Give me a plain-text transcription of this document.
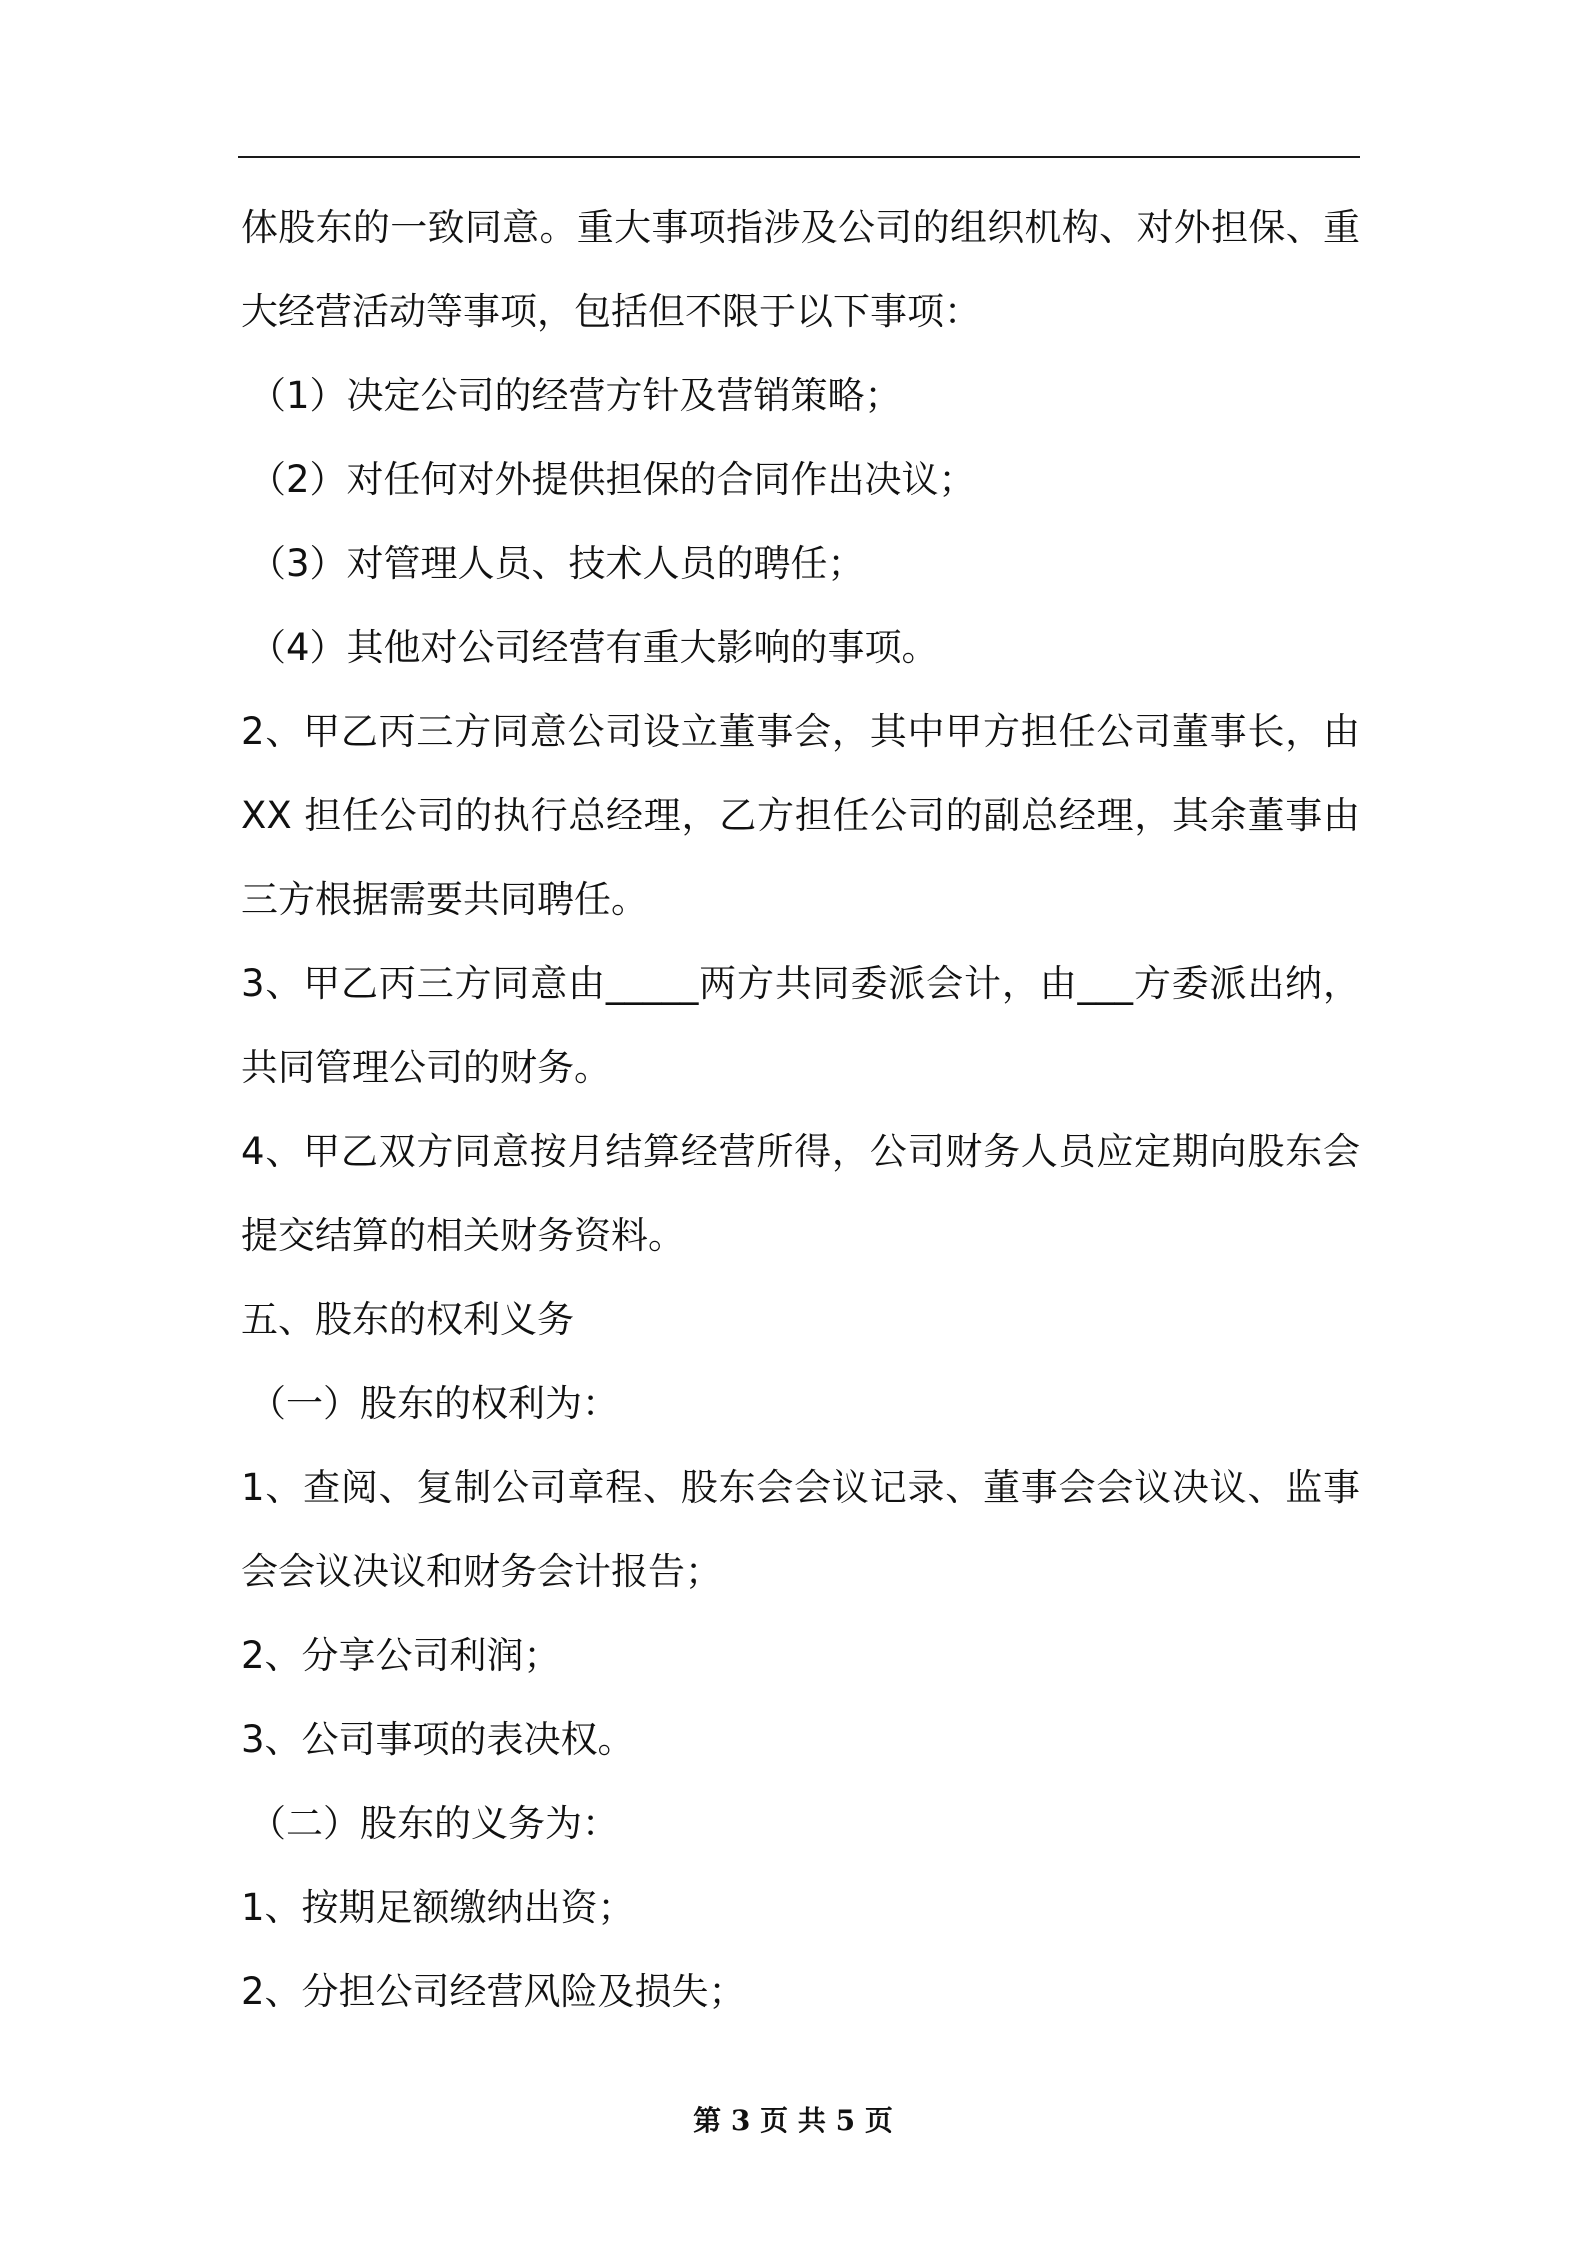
体股东的一致同意。重大事项指涉及公司的组织机构、对外担保、重
大经营活动等事项，包括但不限于以下事项：
（1）决定公司的经营方针及营销策略；
（2）对任何对外提供担保的合同作出决议；
（3）对管理人员、技术人员的聘任；
（4）其他对公司经营有重大影响的事项。
2、甲乙丙三方同意公司设立董事会，其中甲方担任公司董事长，由
XX 担任公司的执行总经理，乙方担任公司的副总经理，其余董事由
三方根据需要共同聘任。
3、甲乙丙三方同意由_____两方共同委派会计，由___方委派出纳，
共同管理公司的财务。
4、甲乙双方同意按月结算经营所得，公司财务人员应定期向股东会
提交结算的相关财务资料。
五、股东的权利义务
（一）股东的权利为：
1、查阅、复制公司章程、股东会会议记录、董事会会议决议、监事
会会议决议和财务会计报告；
2、分享公司利润；
3、公司事项的表决权。
（二）股东的义务为：
1、按期足额缴纳出资；
2、分担公司经营风险及损失；
第 3 页 共 5 页
